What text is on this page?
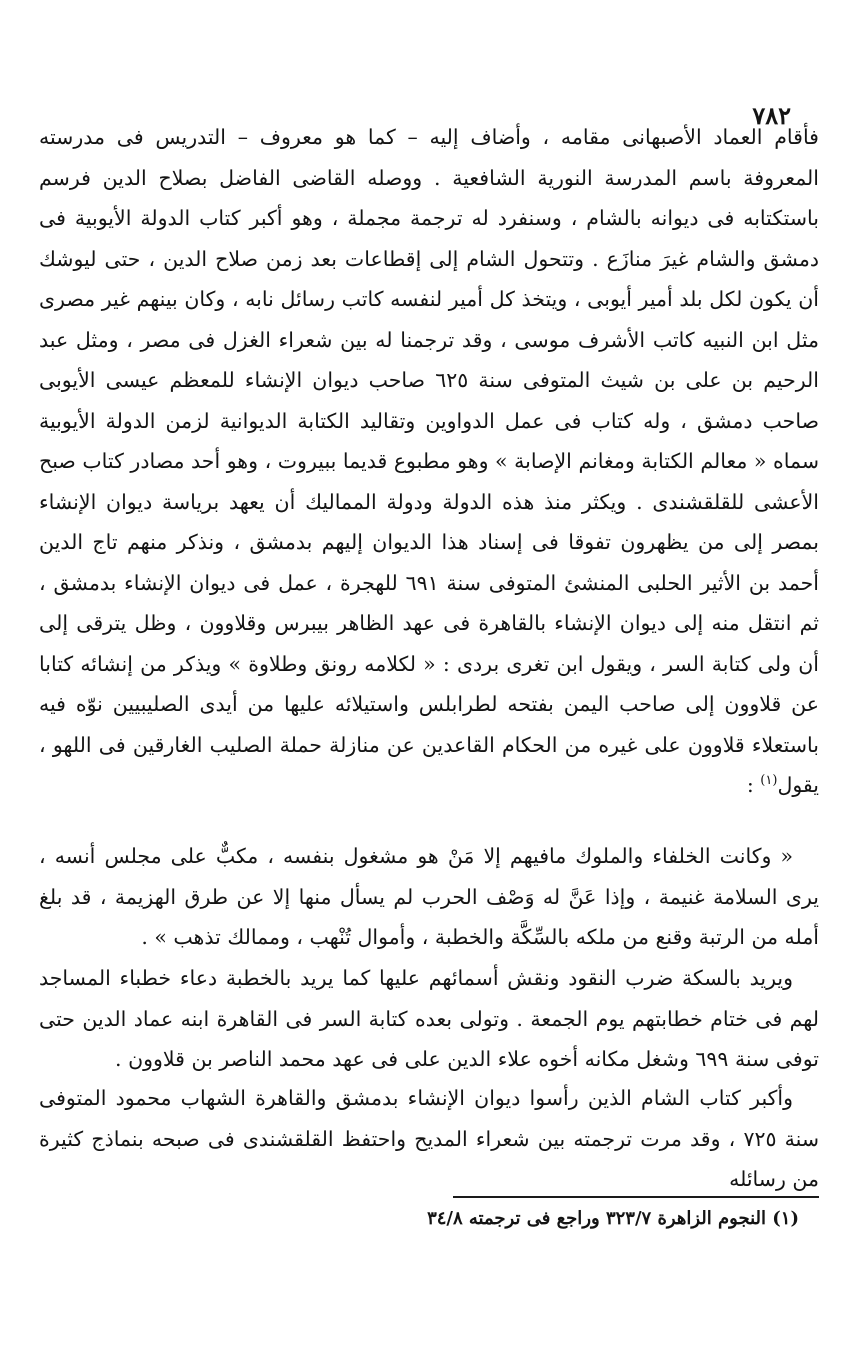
٧٨٢

فأقام العماد الأصبهانى مقامه ، وأضاف إليه – كما هو معروف – التدريس فى مدرسته المعروفة باسم المدرسة النورية الشافعية . ووصله القاضى الفاضل بصلاح الدين فرسم باستكتابه فى ديوانه بالشام ، وسنفرد له ترجمة مجملة ، وهو أكبر كتاب الدولة الأيوبية فى دمشق والشام غيرَ منازَع . وتتحول الشام إلى إقطاعات بعد زمن صلاح الدين ، حتى ليوشك أن يكون لكل بلد أمير أيوبى ، ويتخذ كل أمير لنفسه كاتب رسائل نابه ، وكان بينهم غير مصرى مثل ابن النبيه كاتب الأشرف موسى ، وقد ترجمنا له بين شعراء الغزل فى مصر ، ومثل عبد الرحيم بن على بن شيث المتوفى سنة ٦٢٥ صاحب ديوان الإنشاء للمعظم عيسى الأيوبى صاحب دمشق ، وله كتاب فى عمل الدواوين وتقاليد الكتابة الديوانية لزمن الدولة الأيوبية سماه « معالم الكتابة ومغانم الإصابة » وهو مطبوع قديما ببيروت ، وهو أحد مصادر كتاب صبح الأعشى للقلقشندى . ويكثر منذ هذه الدولة ودولة المماليك أن يعهد برياسة ديوان الإنشاء بمصر إلى من يظهرون تفوقا فى إسناد هذا الديوان إليهم بدمشق ، ونذكر منهم تاج الدين أحمد بن الأثير الحلبى المنشئ المتوفى سنة ٦٩١ للهجرة ، عمل فى ديوان الإنشاء بدمشق ، ثم انتقل منه إلى ديوان الإنشاء بالقاهرة فى عهد الظاهر بيبرس وقلاوون ، وظل يترقى إلى أن ولى كتابة السر ، ويقول ابن تغرى بردى : « لكلامه رونق وطلاوة » ويذكر من إنشائه كتابا عن قلاوون إلى صاحب اليمن بفتحه لطرابلس واستيلائه عليها من أيدى الصليبيين نوّه فيه باستعلاء قلاوون على غيره من الحكام القاعدين عن منازلة حملة الصليب الغارقين فى اللهو ، يقول$^{(١)}$ :

« وكانت الخلفاء والملوك مافيهم إلا مَنْ هو مشغول بنفسه ، مكبٌّ على مجلس أنسه ، يرى السلامة غنيمة ، وإذا عَنَّ له وَصْف الحرب لم يسأل منها إلا عن طرق الهزيمة ، قد بلغ أمله من الرتبة وقنع من ملكه بالسِّكَّة والخطبة ، وأموال تُنْهب ، وممالك تذهب » .

ويريد بالسكة ضرب النقود ونقش أسمائهم عليها كما يريد بالخطبة دعاء خطباء المساجد لهم فى ختام خطابتهم يوم الجمعة . وتولى بعده كتابة السر فى القاهرة ابنه عماد الدين حتى توفى سنة ٦٩٩ وشغل مكانه أخوه علاء الدين على فى عهد محمد الناصر بن قلاوون .

وأكبر كتاب الشام الذين رأسوا ديوان الإنشاء بدمشق والقاهرة الشهاب محمود المتوفى سنة ٧٢٥ ، وقد مرت ترجمته بين شعراء المديح واحتفظ القلقشندى فى صبحه بنماذج كثيرة من رسائله

(١) النجوم الزاهرة ٣٢٣/٧ وراجع فى ترجمته ٣٤/٨
